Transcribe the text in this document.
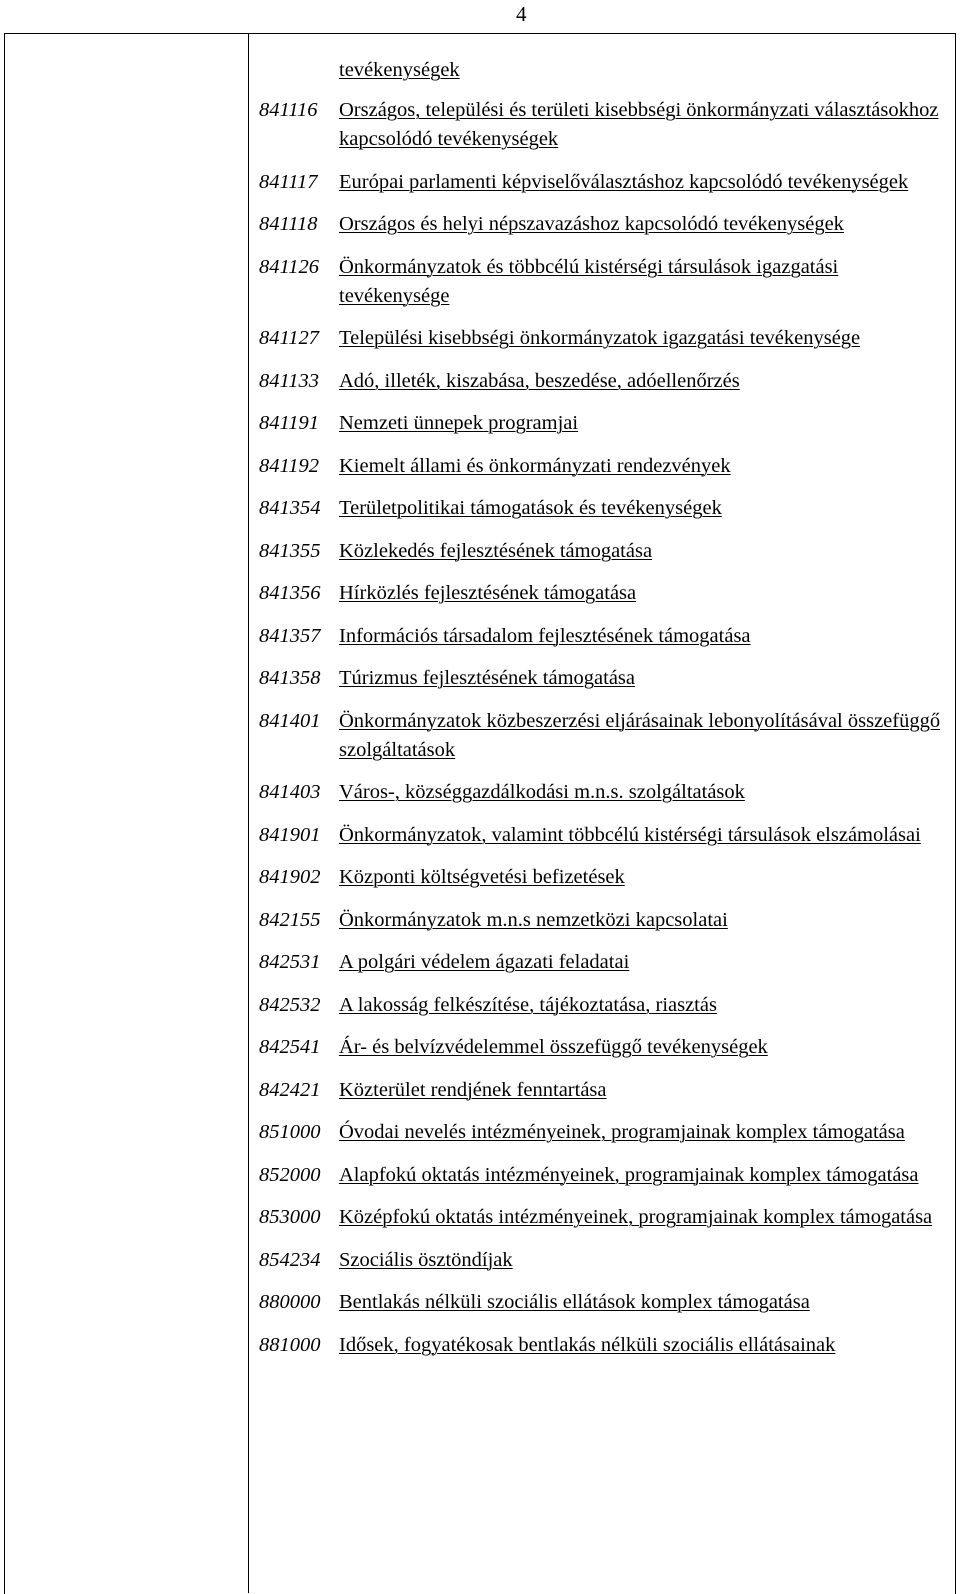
4
tevékenységek
841116 Országos, települési és területi kisebbségi önkormányzati választásokhoz kapcsolódó tevékenységek
841117 Európai parlamenti képviselőválasztáshoz kapcsolódó tevékenységek
841118 Országos és helyi népszavazáshoz kapcsolódó tevékenységek
841126 Önkormányzatok és többcélú kistérségi társulások igazgatási tevékenysége
841127 Települési kisebbségi önkormányzatok igazgatási tevékenysége
841133 Adó, illeték, kiszabása, beszedése, adóellenőrzés
841191 Nemzeti ünnepek programjai
841192 Kiemelt állami és önkormányzati rendezvények
841354 Területpolitikai támogatások és tevékenységek
841355 Közlekedés fejlesztésének támogatása
841356 Hírközlés fejlesztésének támogatása
841357 Információs társadalom fejlesztésének támogatása
841358 Túrizmus fejlesztésének támogatása
841401 Önkormányzatok közbeszerzési eljárásainak lebonyolításával összefüggő szolgáltatások
841403 Város-, községgazdálkodási m.n.s. szolgáltatások
841901 Önkormányzatok, valamint többcélú kistérségi társulások elszámolásai
841902 Központi költségvetési befizetések
842155 Önkormányzatok m.n.s nemzetközi kapcsolatai
842531 A polgári védelem ágazati feladatai
842532 A lakosság felkészítése, tájékoztatása, riasztás
842541 Ár- és belvízvédelemmel összefüggő tevékenységek
842421 Közterület rendjének fenntartása
851000 Óvodai nevelés intézményeinek, programjainak komplex támogatása
852000 Alapfokú oktatás intézményeinek, programjainak komplex támogatása
853000 Középfokú oktatás intézményeinek, programjainak komplex támogatása
854234 Szociális ösztöndíjak
880000 Bentlakás nélküli szociális ellátások komplex támogatása
881000 Idősek, fogyatékosak bentlakás nélküli szociális ellátásainak
